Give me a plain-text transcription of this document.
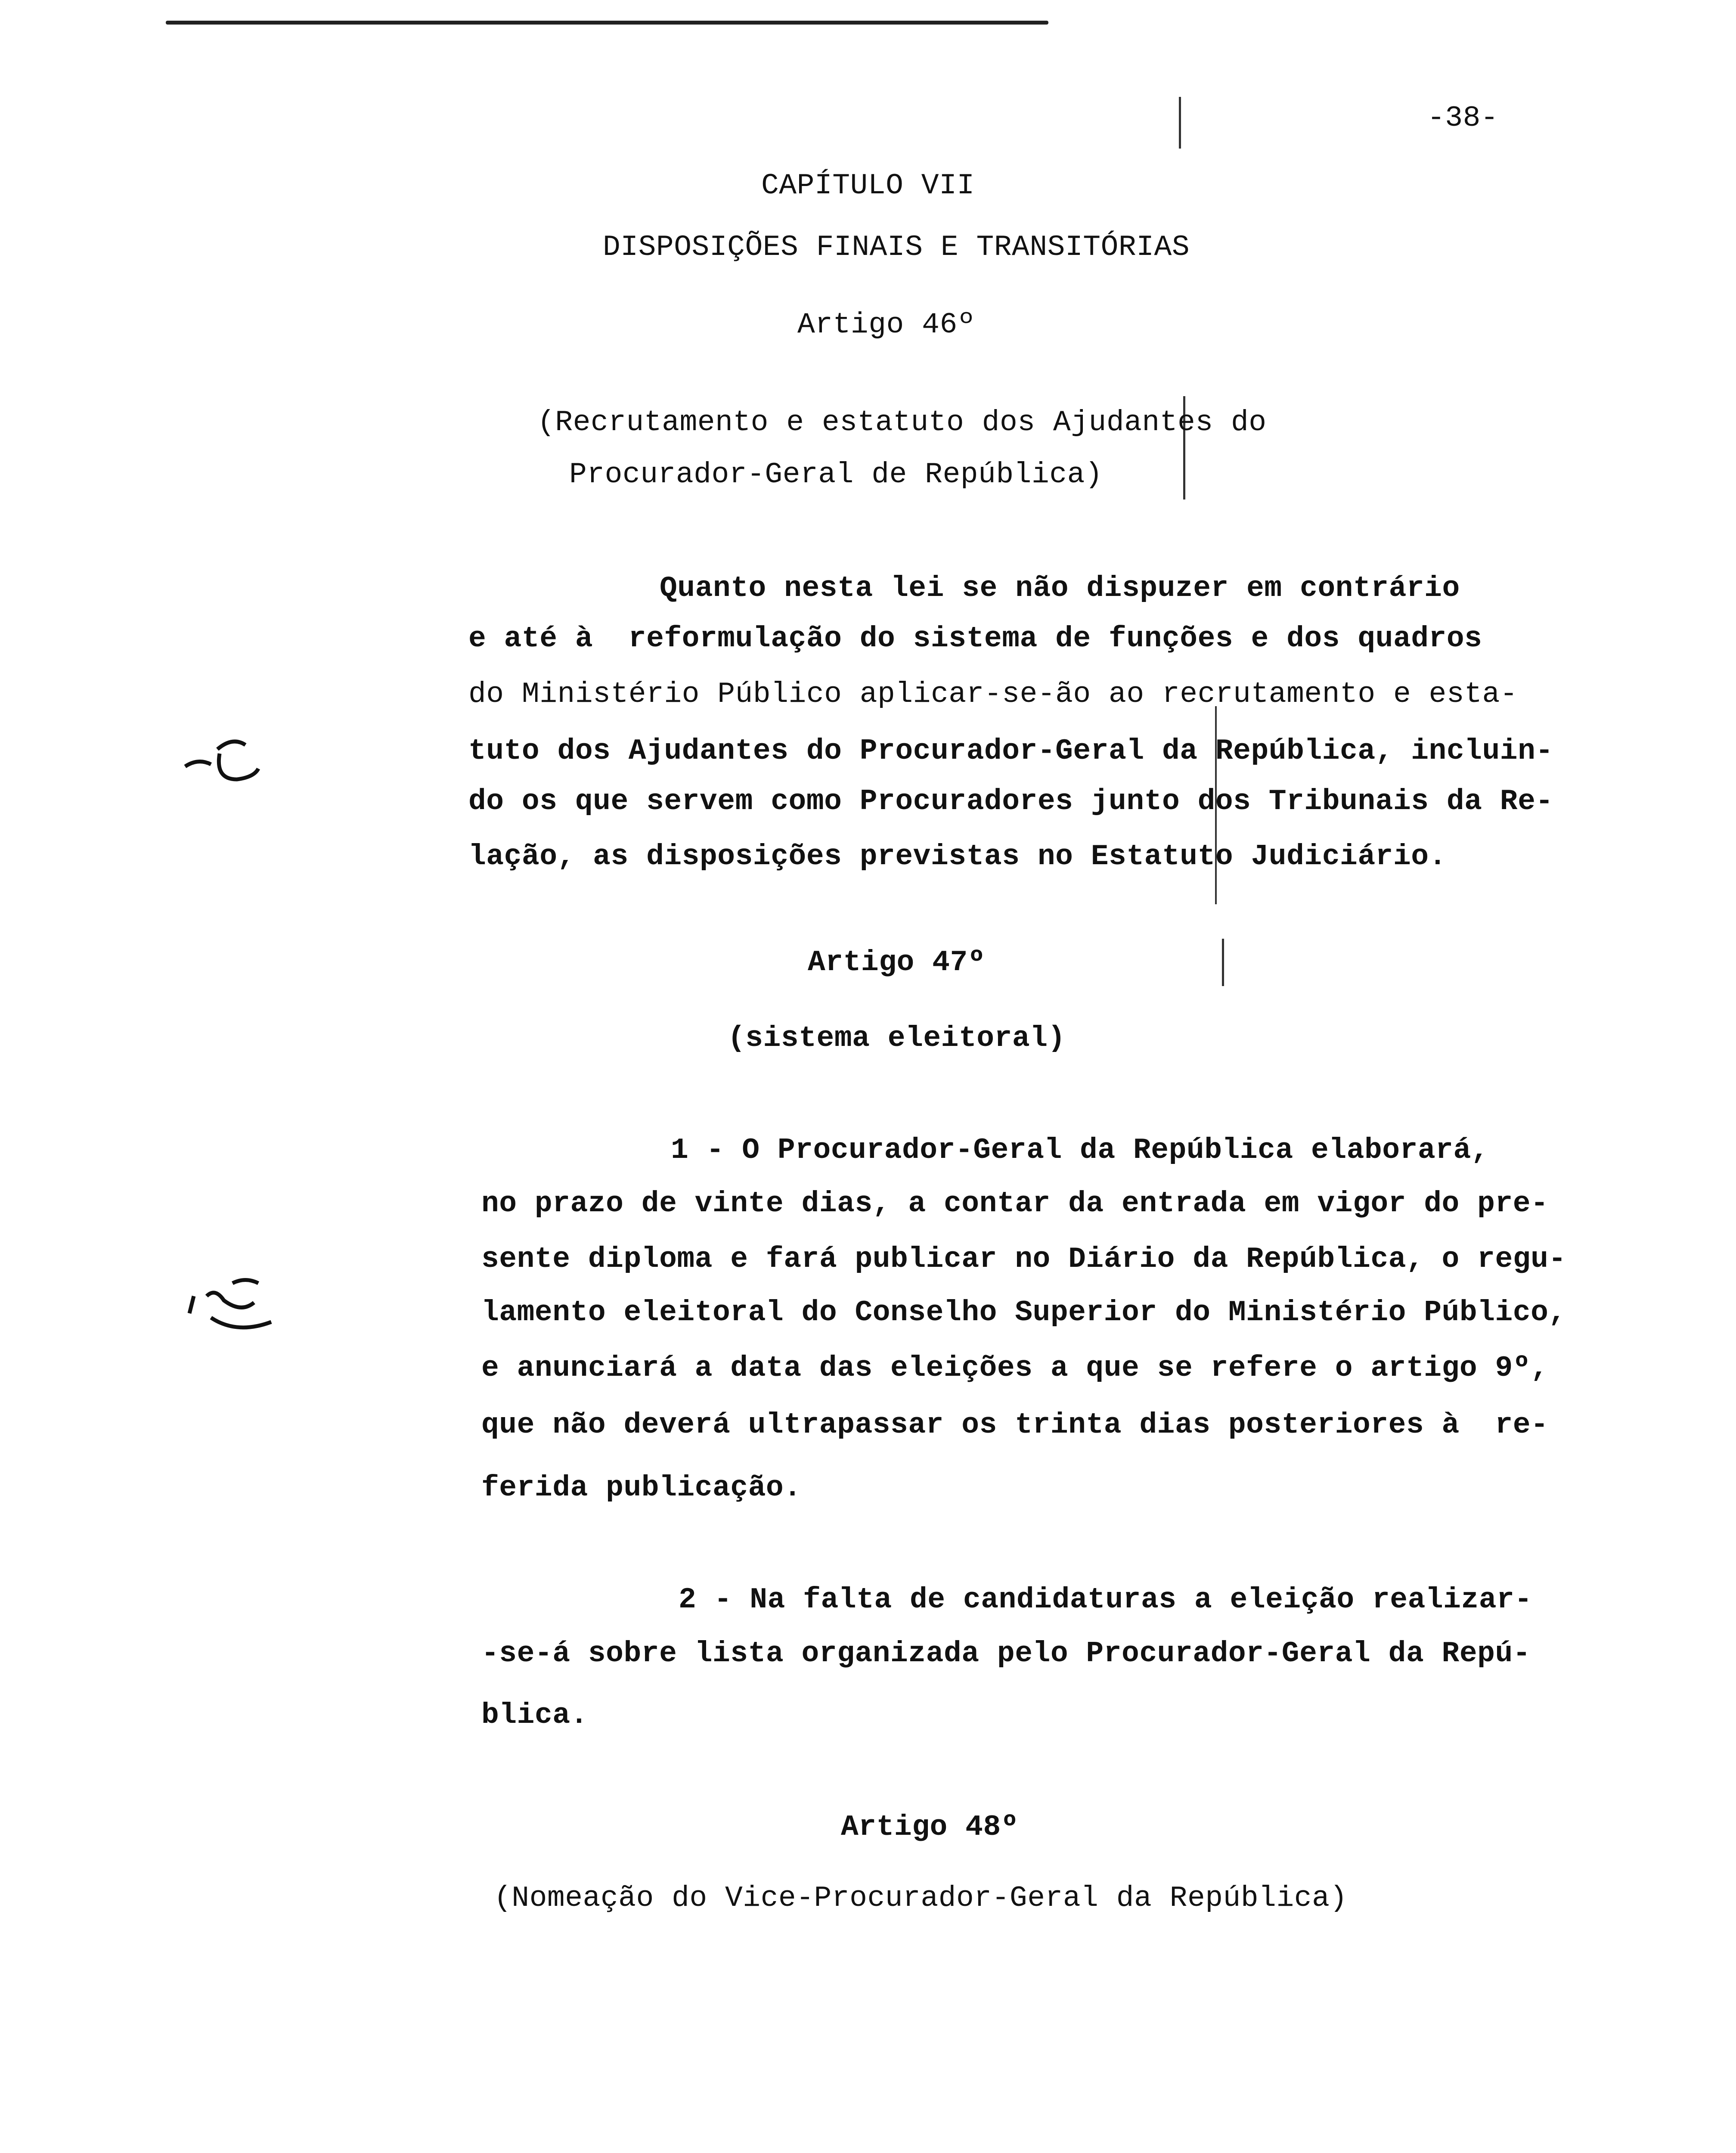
-38-
CAPÍTULO VII
DISPOSIÇÕES FINAIS E TRANSITÓRIAS
Artigo 46º
(Recrutamento e estatuto dos Ajudantes do
Procurador-Geral de República)
Quanto nesta lei se não dispuzer em contrário
e até à  reformulação do sistema de funções e dos quadros
do Ministério Público aplicar-se-ão ao recrutamento e esta-
tuto dos Ajudantes do Procurador-Geral da República, incluin-
do os que servem como Procuradores junto dos Tribunais da Re-
lação, as disposições previstas no Estatuto Judiciário.
Artigo 47º
(sistema eleitoral)
1 - O Procurador-Geral da República elaborará,
no prazo de vinte dias, a contar da entrada em vigor do pre-
sente diploma e fará publicar no Diário da República, o regu-
lamento eleitoral do Conselho Superior do Ministério Público,
e anunciará a data das eleições a que se refere o artigo 9º,
que não deverá ultrapassar os trinta dias posteriores à  re-
ferida publicação.
2 - Na falta de candidaturas a eleição realizar-
-se-á sobre lista organizada pelo Procurador-Geral da Repú-
blica.
Artigo 48º
(Nomeação do Vice-Procurador-Geral da República)
